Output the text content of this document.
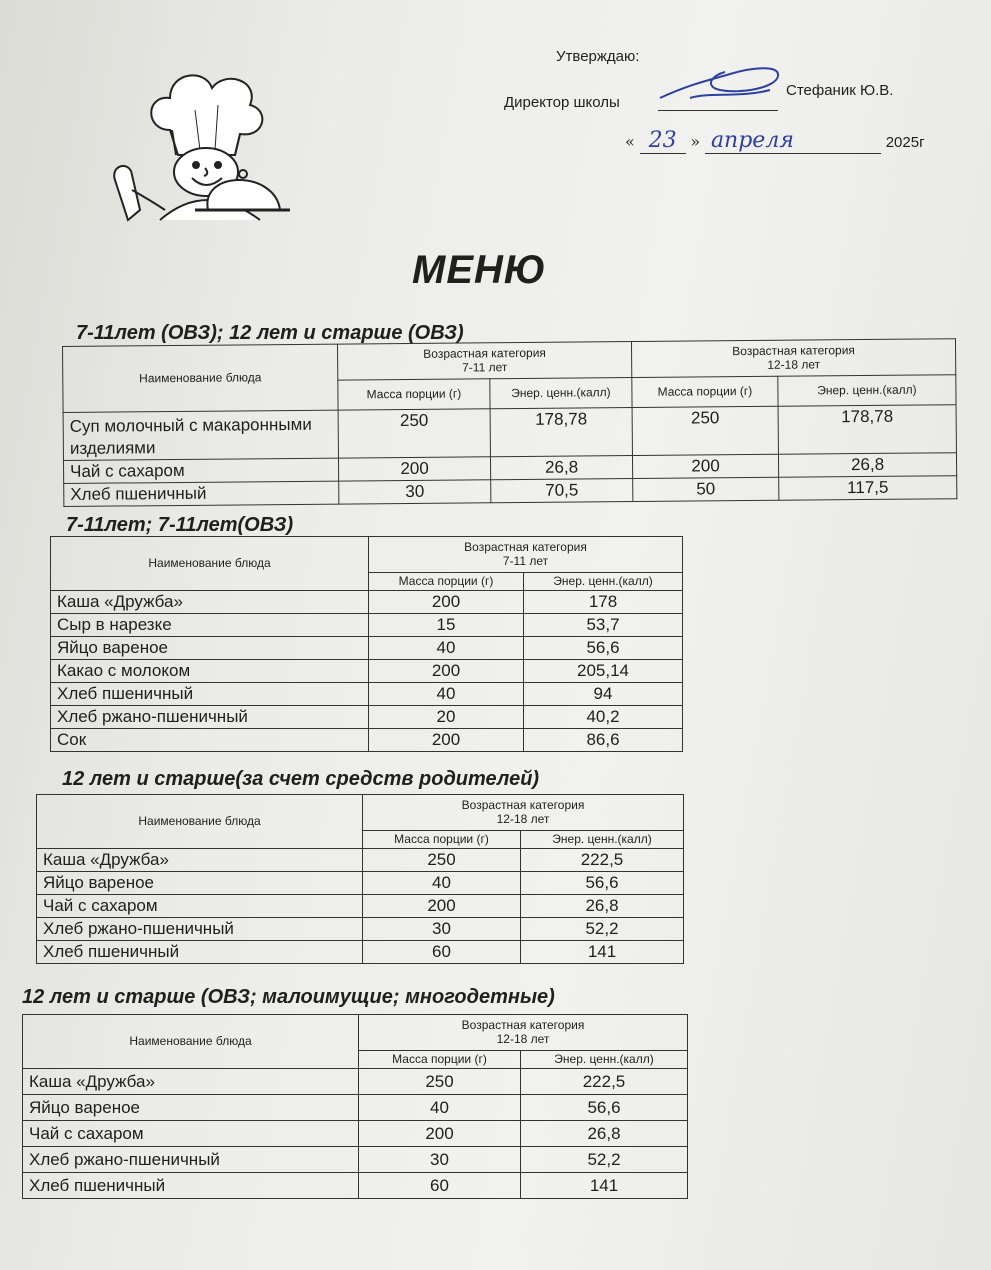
Утверждаю:
Директор школы
Стефаник Ю.В.
« 23 » апреля	2025г
МЕНЮ
7-11лет (ОВЗ); 12 лет и старше (ОВЗ)
Наименование блюда	Возрастная категория
7-11 лет		Возрастная категория
12-18 лет	
	Масса порции (г)	Энер. ценн.(калл)	Масса порции (г)	Энер. ценн.(калл)
Суп молочный с макаронными изделиями	250	178,78	250	178,78
Чай с сахаром	200	26,8	200	26,8
Хлеб пшеничный	30	70,5	50	117,5
7-11лет; 7-11лет(ОВЗ)
Наименование блюда	Возрастная категория
7-11 лет	
	Масса порции (г)	Энер. ценн.(калл)
Каша «Дружба»	200	178
Сыр в нарезке	15	53,7
Яйцо вареное	40	56,6
Какао с молоком	200	205,14
Хлеб пшеничный	40	94
Хлеб ржано-пшеничный	20	40,2
Сок	200	86,6
12 лет и старше(за счет средств родителей)
Наименование блюда	Возрастная категория
12-18 лет	
	Масса порции (г)	Энер. ценн.(калл)
Каша «Дружба»	250	222,5
Яйцо вареное	40	56,6
Чай с сахаром	200	26,8
Хлеб ржано-пшеничный	30	52,2
Хлеб пшеничный	60	141
12 лет и старше (ОВЗ; малоимущие; многодетные)
Наименование блюда	Возрастная категория
12-18 лет	
	Масса порции (г)	Энер. ценн.(калл)
Каша «Дружба»	250	222,5
Яйцо вареное	40	56,6
Чай с сахаром	200	26,8
Хлеб ржано-пшеничный	30	52,2
Хлеб пшеничный	60	141
